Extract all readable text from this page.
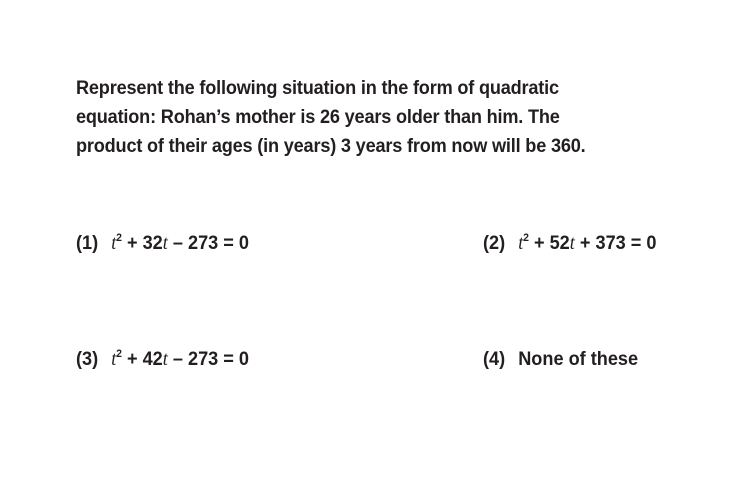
Represent the following situation in the form of quadratic
equation: Rohan’s mother is 26 years older than him. The
product of their ages (in years) 3 years from now will be 360.
(1) $t^2 + 32t - 273 = 0$	(2) $t^2 + 52t + 373 = 0$
(3) $t^2 + 42t - 273 = 0$	(4) None of these
